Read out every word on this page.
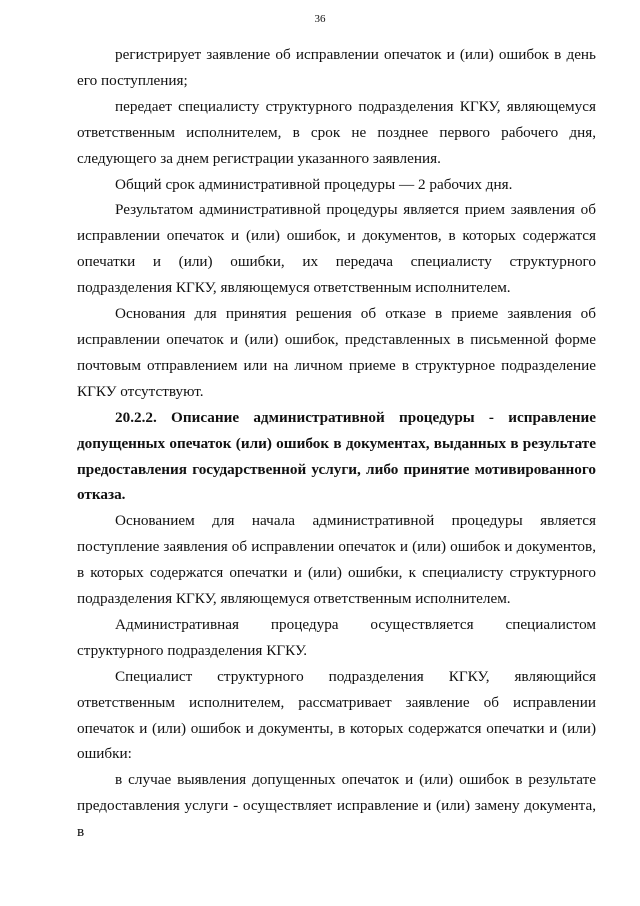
36

регистрирует заявление об исправлении опечаток и (или) ошибок в день его поступления;

передает специалисту структурного подразделения КГКУ, являющемуся ответственным исполнителем, в срок не позднее первого рабочего дня, следующего за днем регистрации указанного заявления.

Общий срок административной процедуры — 2 рабочих дня.

Результатом административной процедуры является прием заявления об исправлении опечаток и (или) ошибок, и документов, в которых содержатся опечатки и (или) ошибки, их передача специалисту структурного подразделения КГКУ, являющемуся ответственным исполнителем.

Основания для принятия решения об отказе в приеме заявления об исправлении опечаток и (или) ошибок, представленных в письменной форме почтовым отправлением или на личном приеме в структурное подразделение КГКУ отсутствуют.

20.2.2. Описание административной процедуры - исправление допущенных опечаток (или) ошибок в документах, выданных в результате предоставления государственной услуги, либо принятие мотивированного отказа.

Основанием для начала административной процедуры является поступление заявления об исправлении опечаток и (или) ошибок и документов, в которых содержатся опечатки и (или) ошибки, к специалисту структурного подразделения КГКУ, являющемуся ответственным исполнителем.

Административная процедура осуществляется специалистом структурного подразделения КГКУ.

Специалист структурного подразделения КГКУ, являющийся ответственным исполнителем, рассматривает заявление об исправлении опечаток и (или) ошибок и документы, в которых содержатся опечатки и (или) ошибки:

в случае выявления допущенных опечаток и (или) ошибок в результате предоставления услуги - осуществляет исправление и (или) замену документа, в
